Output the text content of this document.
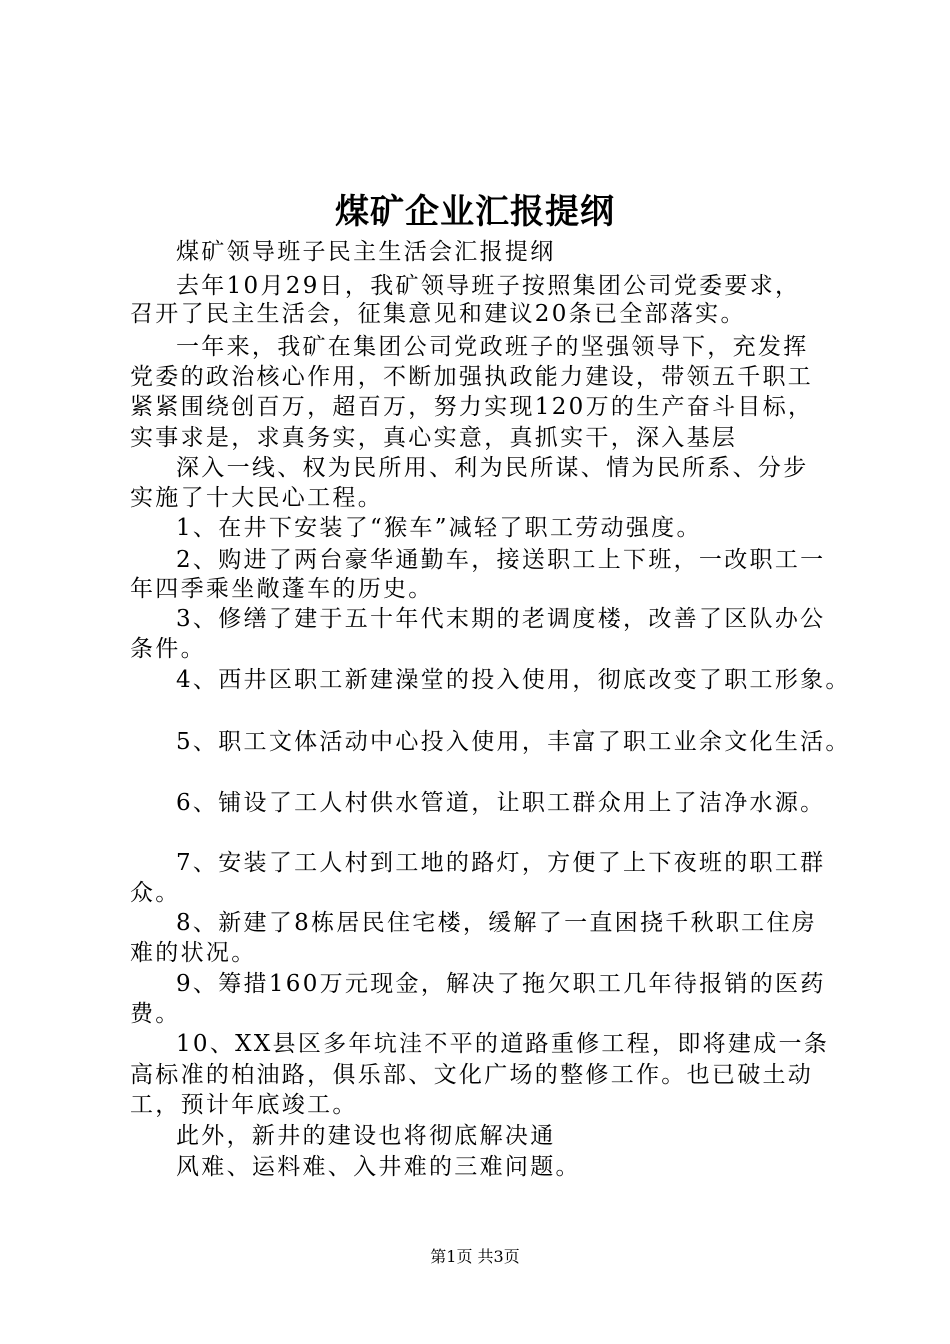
煤矿企业汇报提纲
煤矿领导班子民主生活会汇报提纲
去年10月29日，我矿领导班子按照集团公司党委要求，
召开了民主生活会，征集意见和建议20条已全部落实。
一年来，我矿在集团公司党政班子的坚强领导下，充发挥
党委的政治核心作用，不断加强执政能力建设，带领五千职工
紧紧围绕创百万，超百万，努力实现120万的生产奋斗目标，
实事求是，求真务实，真心实意，真抓实干，深入基层
深入一线、权为民所用、利为民所谋、情为民所系、分步
实施了十大民心工程。
1、在井下安装了“猴车”减轻了职工劳动强度。
2、购进了两台豪华通勤车，接送职工上下班，一改职工一
年四季乘坐敞蓬车的历史。
3、修缮了建于五十年代末期的老调度楼，改善了区队办公
条件。
4、西井区职工新建澡堂的投入使用，彻底改变了职工形象。
5、职工文体活动中心投入使用，丰富了职工业余文化生活。
6、铺设了工人村供水管道，让职工群众用上了洁净水源。
7、安装了工人村到工地的路灯，方便了上下夜班的职工群
众。
8、新建了8栋居民住宅楼，缓解了一直困挠千秋职工住房
难的状况。
9、筹措160万元现金，解决了拖欠职工几年待报销的医药
费。
10、XX县区多年坑洼不平的道路重修工程，即将建成一条
高标准的柏油路，俱乐部、文化广场的整修工作。也已破土动
工，预计年底竣工。
此外，新井的建设也将彻底解决通
风难、运料难、入井难的三难问题。
第1页 共3页
